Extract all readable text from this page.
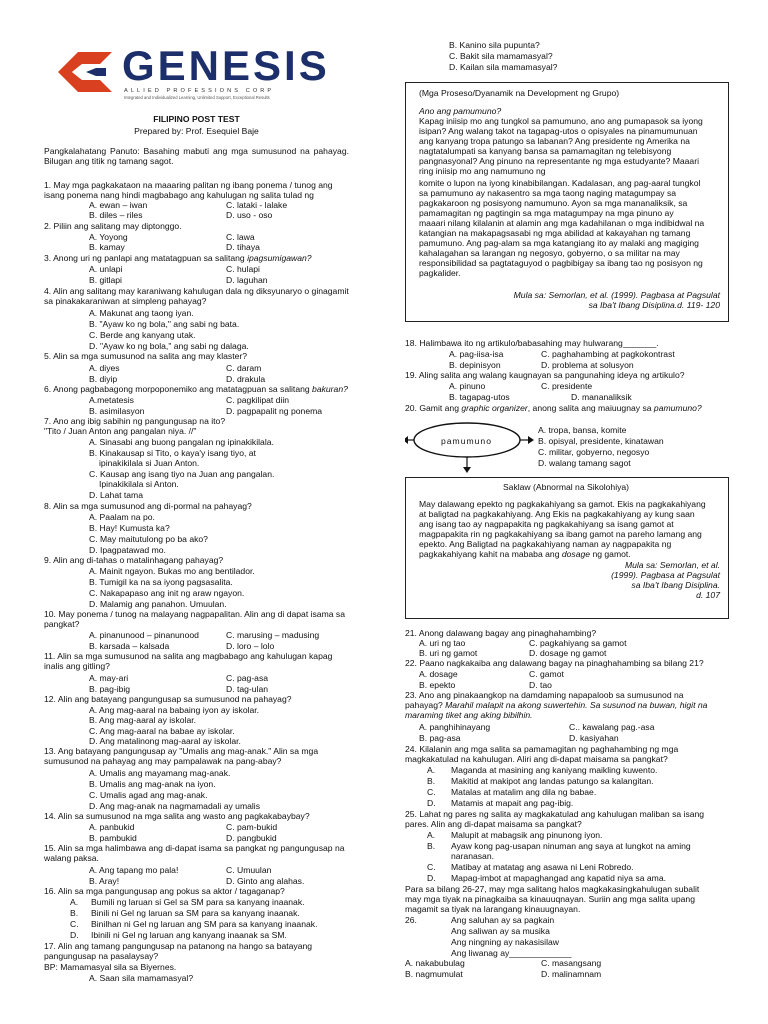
GENESIS
ALLIED PROFESSIONS CORP
Integrated and Individualized Learning, Unlimited Support, Exceptional Results
FILIPINO POST TEST
Prepared by: Prof. Esequiel Baje
Pangkalahatang Panuto: Basahing mabuti ang mga sumusunod na pahayag. Bilugan ang titik ng tamang sagot.
1. May mga pagkakataon na maaaring palitan ng ibang ponema / tunog ang
isang ponema nang hindi magbabago ang kahulugan ng salita tulad ng
A. ewan – iwan	C. lataki - lalake
B. diles – riles	D. uso - oso
2. Piliin ang salitang may diptonggo.
A. Yoyong	C. lawa
B. kamay	D. tihaya
3. Anong uri ng panlapi ang matatagpuan sa salitang ipagsumigawan?
A. unlapi	C. hulapi
B. gitlapi	D. laguhan
4. Alin ang salitang may karaniwang kahulugan dala ng diksyunaryo o ginagamit
sa pinakakaraniwan at simpleng pahayag?
A. Makunat ang taong iyan.
B. "Ayaw ko ng bola," ang sabi ng bata.
C. Berde ang kanyang utak.
D. "Ayaw ko ng bola," ang sabi ng dalaga.
5. Alin sa mga sumusunod na salita ang may klaster?
A. diyes	C. daram
B. diyip	D. drakula
6. Anong pagbabagong morpoponemiko ang matatagpuan sa salitang bakuran?
A.metatesis	C. pagkilipat diin
B. asimilasyon	D. pagpapalit ng ponema
7. Ano ang ibig sabihin ng pangungusap na ito?
"Tito / Juan Anton ang pangalan niya. //"
A. Sinasabi ang buong pangalan ng ipinakikilala.
B. Kinakausap si Tito, o kaya'y isang tiyo, at
ipinakikilala si Juan Anton.
C. Kausap ang isang tiyo na Juan ang pangalan.
Ipinakikilala si Anton.
D. Lahat tama
8. Alin sa mga sumusunod ang di-pormal na pahayag?
A. Paalam na po.
B. Hay! Kumusta ka?
C. May maitutulong po ba ako?
D. Ipagpatawad mo.
9. Alin ang di-tahas o matalinhagang pahayag?
A. Mainit ngayon. Bukas mo ang bentilador.
B. Tumigil ka na sa iyong pagsasalita.
C. Nakapapaso ang init ng araw ngayon.
D. Malamig ang panahon. Umuulan.
10. May ponema / tunog na malayang nagpapalitan. Alin ang di dapat isama sa
pangkat?
A. pinanunood – pinanunood	C. marusing – madusing
B. karsada – kalsada	D. loro – lolo
11. Alin sa mga sumusunod na salita ang magbabago ang kahulugan kapag
inalis ang gitling?
A. may-ari	C. pag-asa
B. pag-ibig	D. tag-ulan
12. Alin ang batayang pangungusap sa sumusunod na pahayag?
A. Ang mag-aaral na babaing iyon ay iskolar.
B. Ang mag-aaral ay iskolar.
C. Ang mag-aaral na babae ay iskolar.
D. Ang matalinong mag-aaral ay iskolar.
13. Ang batayang pangungusap ay "Umalis ang mag-anak." Alin sa mga
sumusunod na pahayag ang may pampalawak na pang-abay?
A. Umalis ang mayamang mag-anak.
B. Umalis ang mag-anak na iyon.
C. Umalis agad ang mag-anak.
D. Ang mag-anak na nagmamadali ay umalis
14. Alin sa sumusunod na mga salita ang wasto ang pagkakabaybay?
A. panbukid	C. pam-bukid
B. pambukid	D. pangbukid
15. Alin sa mga halimbawa ang di-dapat isama sa pangkat ng pangungusap na
walang paksa.
A. Ang tapang mo pala!	C. Umuulan
B. Aray!	D. Ginto ang alahas.
16. Alin sa mga pangungusap ang pokus sa aktor / tagaganap?
A. Bumili ng laruan si Gel sa SM para sa kanyang inaanak.
B. Binili ni Gel ng laruan sa SM para sa kanyang inaanak.
C. Binilhan ni Gel ng laruan ang SM para sa kanyang inaanak.
D. Ibinili ni Gel ng laruan ang kanyang inaanak sa SM.
17. Alin ang tamang pangungusap na patanong na hango sa batayang
pangungusap na pasalaysay?
BP: Mamamasyal sila sa Biyernes.
A. Saan sila mamamasyal?
B. Kanino sila pupunta?
C. Bakit sila mamamasyal?
D. Kailan sila mamamasyal?
(Mga Proseso/Dyanamik na Development ng Grupo)
Ano ang pamumuno?
Kapag iniisip mo ang tungkol sa pamumuno, ano ang pumapasok sa iyong
isipan? Ang walang takot na tagapag-utos o opisyales na pinamumunuan
ang kanyang tropa patungo sa labanan? Ang presidente ng Amerika na
nagtatalumpati sa kanyang bansa sa pamamagitan ng telebisyong
pangnasyonal? Ang pinuno na representante ng mga estudyante? Maaari
ring iniisip mo ang namumuno ng
komite o lupon na iyong kinabibilangan. Kadalasan, ang pag-aaral tungkol
sa pamumuno ay nakasentro sa mga taong naging matagumpay sa
pagkakaroon ng posisyong namumuno. Ayon sa mga mananaliksik, sa
pamamagitan ng pagtingin sa mga matagumpay na mga pinuno ay
maaari nilang kilalanin at alamin ang mga kadahilanan o mga indibidwal na
katangian na makapagsasabi ng mga abilidad at kakayahan ng tamang
pamumuno. Ang pag-alam sa mga katangiang ito ay malaki ang magiging
kahalagahan sa larangan ng negosyo, gobyerno, o sa militar na may
responsibilidad sa pagtataguyod o pagbibigay sa ibang tao ng posisyon ng
pagkalider.
Mula sa: Semorlan, et al. (1999). Pagbasa at Pagsulat
sa Iba't Ibang Disiplina.d. 119- 120
18. Halimbawa ito ng artikulo/babasahing may hulwarang_______.
A. pag-iisa-isa	C. paghahambing at pagkokontrast
B. depinisyon	D. problema at solusyon
19. Aling salita ang walang kaugnayan sa pangunahing ideya ng artikulo?
A. pinuno	C. presidente
B. tagapag-utos	D. mananaliksik
20. Gamit ang graphic organizer, anong salita ang maiuugnay sa pamumuno?
pamumuno
A. tropa, bansa, komite
B. opisyal, presidente, kinatawan
C. militar, gobyerno, negosyo
D. walang tamang sagot
Saklaw (Abnormal na Sikolohiya)
May dalawang epekto ng pagkakahiyang sa gamot. Ekis na pagkakahiyang
at baligtad na pagkakahiyang. Ang Ekis na pagkakahiyang ay kung saan
ang isang tao ay nagpapakita ng pagkakahiyang sa isang gamot at
magpapakita rin ng pagkakahiyang sa ibang gamot na pareho lamang ang
epekto. Ang Baligtad na pagkakahiyang naman ay nagpapakita ng
pagkakahiyang kahit na mababa ang dosage ng gamot.
Mula sa: Semorlan, et al.
(1999). Pagbasa at Pagsulat
sa Iba't Ibang Disiplina.
d. 107
21. Anong dalawang bagay ang pinaghahambing?
A. uri ng tao	C. pagkahiyang sa gamot
B. uri ng gamot	D. dosage ng gamot
22. Paano nagkakaiba ang dalawang bagay na pinaghahambing sa bilang 21?
A. dosage	C. gamot
B. epekto	D. tao
23. Ano ang pinakaangkop na damdaming napapaloob sa sumusunod na
pahayag? Marahil malapit na akong suwertehin. Sa susunod na buwan, higit na
maraming tiket ang aking bibilhin.
A. panghihinayang	C.. kawalang pag.-asa
B. pag-asa	D. kasiyahan
24. Kilalanin ang mga salita sa pamamagitan ng paghahambing ng mga
magkakatulad na kahulugan. Aliri ang di-dapat maisama sa pangkat?
A. Maganda at masining ang kaniyang maikling kuwento.
B. Makitid at makipot ang landas patungo sa kalangitan.
C. Matalas at matalim ang dila ng babae.
D. Matamis at mapait ang pag-ibig.
25. Lahat ng pares ng salita ay magkakatulad ang kahulugan maliban sa isang
pares. Alin ang di-dapat maisama sa pangkat?
A. Malupit at mabagsik ang pinunong iyon.
B. Ayaw kong pag-usapan ninuman ang saya at lungkot na aming
naranasan.
C. Matibay at matatag ang asawa ni Leni Robredo.
D. Mapag-imbot at mapaghangad ang kapatid niya sa ama.
Para sa bilang 26-27, may mga salitang halos magkakasingkahulugan subalit
may mga tiyak na pinagkaiba sa kinauuqnayan. Suriin ang mga salita upang
magamit sa tiyak na larangang kinauugnayan.
26.	Ang saluhan ay sa pagkain
Ang saliwan ay sa musika
Ang ningning ay nakasisilaw
Ang liwanag ay_____________
A. nakabubulag	C. masangsang
B. nagmumulat	D. malinamnam
